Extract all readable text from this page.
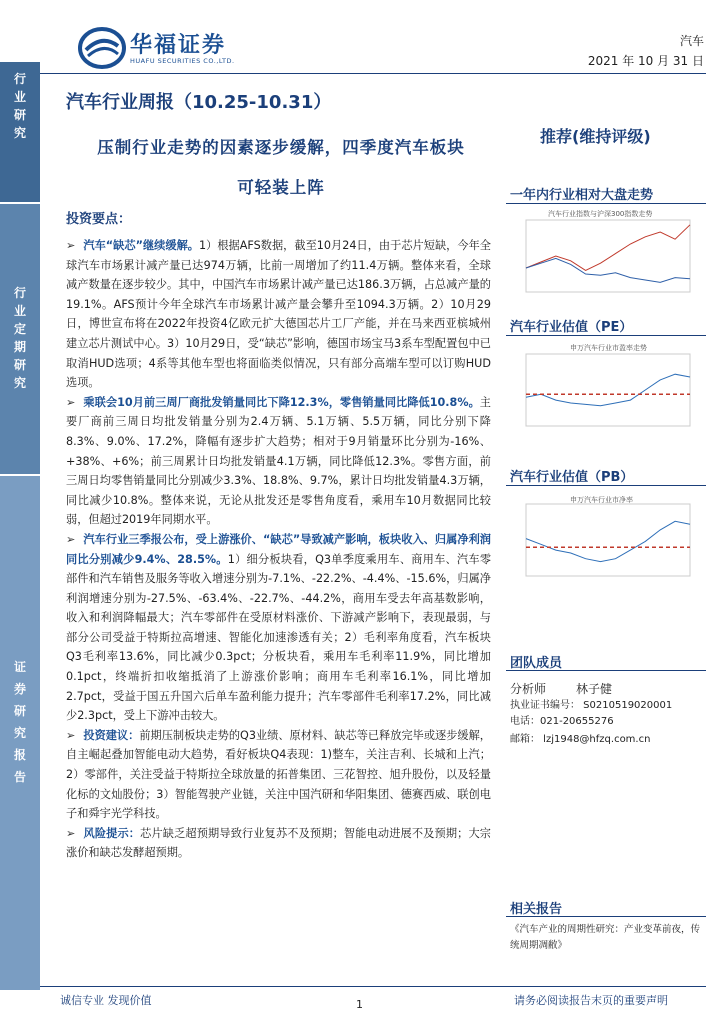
行
业
研
究
行
业
定
期
研
究
证
券
研
究
报
告
华福证券
HUAFU SECURITIES CO.,LTD.
汽车
2021 年 10 月 31 日
汽车行业周报（10.25-10.31）
压制行业走势的因素逐步缓解，四季度汽车板块
可轻装上阵
推荐(维持评级)
投资要点：

➢ 汽车“缺芯”继续缓解。1）根据AFS数据，截至10月24日，由于芯片短缺，今年全球汽车市场累计减产量已达974万辆，比前一周增加了约11.4万辆。整体来看，全球减产数量在逐步较少。其中，中国汽车市场累计减产量已达186.3万辆，占总减产量的19.1%。AFS预计今年全球汽车市场累计减产量会攀升至1094.3万辆。2）10月29日，博世宣布将在2022年投资4亿欧元扩大德国芯片工厂产能，并在马来西亚槟城州建立芯片测试中心。3）10月29日，受“缺芯”影响，德国市场宝马3系车型配置包中已取消HUD选项；4系等其他车型也将面临类似情况，只有部分高端车型可以订购HUD选项。

➢ 乘联会10月前三周厂商批发销量同比下降12.3%，零售销量同比降低10.8%。主要厂商前三周日均批发销量分别为2.4万辆、5.1万辆、5.5万辆，同比分别下降8.3%、9.0%、17.2%，降幅有逐步扩大趋势；相对于9月销量环比分别为-16%、+38%、+6%；前三周累计日均批发销量4.1万辆，同比降低12.3%。零售方面，前三周日均零售销量同比分别减少3.3%、18.8%、9.7%，累计日均批发销量4.3万辆，同比减少10.8%。整体来说，无论从批发还是零售角度看，乘用车10月数据同比较弱，但超过2019年同期水平。

➢ 汽车行业三季报公布，受上游涨价、“缺芯”导致减产影响，板块收入、归属净利润同比分别减少9.4%、28.5%。1）细分板块看，Q3单季度乘用车、商用车、汽车零部件和汽车销售及服务等收入增速分别为-7.1%、-22.2%、-4.4%、-15.6%，归属净利润增速分别为-27.5%、-63.4%、-22.7%、-44.2%，商用车受去年高基数影响，收入和利润降幅最大；汽车零部件在受原材料涨价、下游减产影响下，表现最弱，与部分公司受益于特斯拉高增速、智能化加速渗透有关；2）毛利率角度看，汽车板块Q3毛利率13.6%，同比减少0.3pct；分板块看，乘用车毛利率11.9%，同比增加0.1pct，终端折扣收缩抵消了上游涨价影响；商用车毛利率16.1%，同比增加2.7pct，受益于国五升国六后单车盈利能力提升；汽车零部件毛利率17.2%，同比减少2.3pct，受上下游冲击较大。

➢ 投资建议：前期压制板块走势的Q3业绩、原材料、缺芯等已释放完毕或逐步缓解，自主崛起叠加智能电动大趋势，看好板块Q4表现：1)整车，关注吉利、长城和上汽；2）零部件，关注受益于特斯拉全球放量的拓普集团、三花智控、旭升股份，以及轻量化标的文灿股份；3）智能驾驶产业链，关注中国汽研和华阳集团、德赛西威、联创电子和舜宇光学科技。

➢ 风险提示：芯片缺乏超预期导致行业复苏不及预期；智能电动进展不及预期；大宗涨价和缺芯发酵超预期。

一年内行业相对大盘走势
汽车行业指数与沪深300指数走势
汽车行业估值（PE）
申万汽车行业市盈率走势
汽车行业估值（PB）
申万汽车行业市净率
团队成员
分析师 林子健
执业证书编号： S0210519020001
电话：021-20655276
邮箱： lzj1948@hfzq.com.cn
相关报告
《汽车产业的周期性研究：产业变革前夜，传统周期凋敝》
诚信专业 发现价值	1	请务必阅读报告末页的重要声明
